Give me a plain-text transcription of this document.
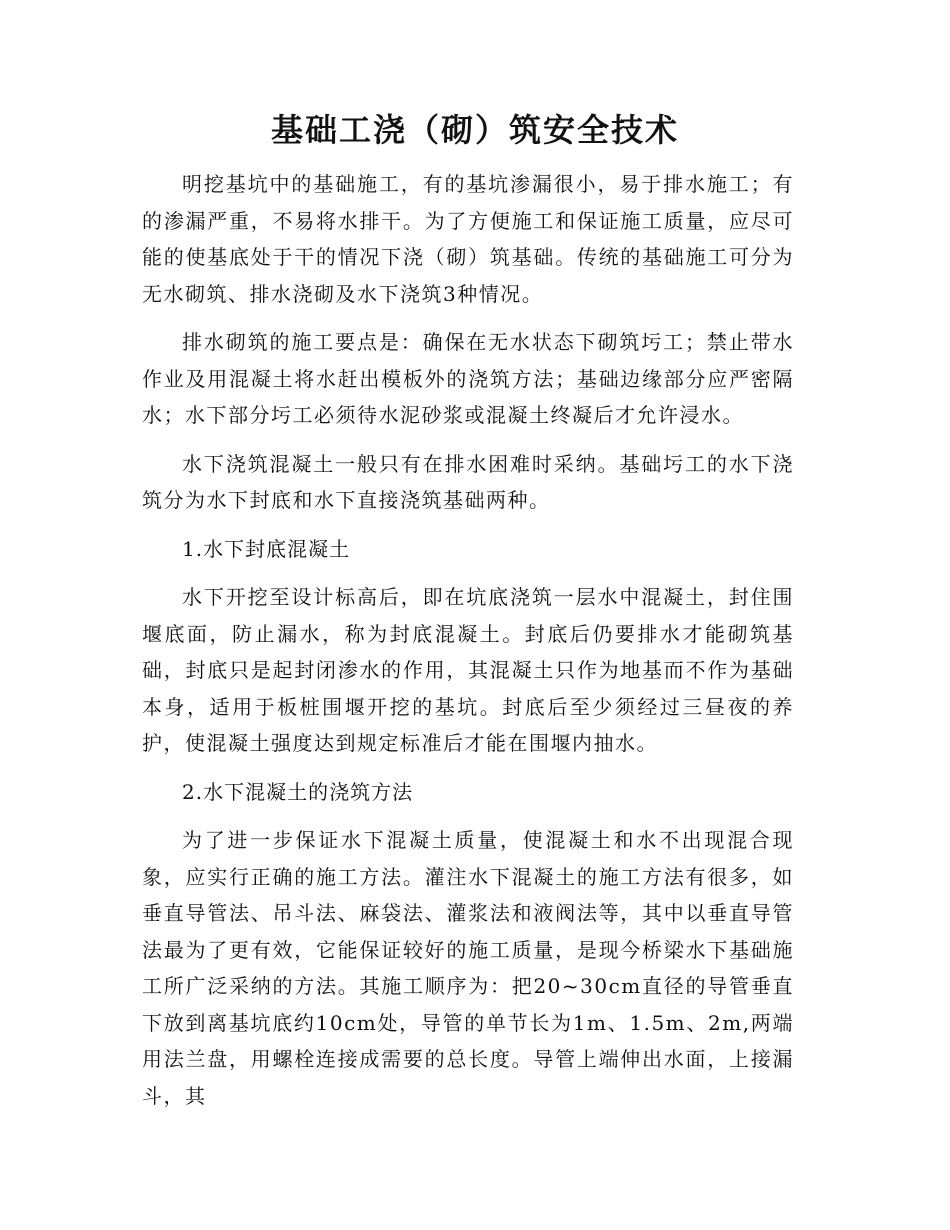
基础工浇（砌）筑安全技术

明挖基坑中的基础施工，有的基坑渗漏很小，易于排水施工；有的渗漏严重，不易将水排干。为了方便施工和保证施工质量，应尽可能的使基底处于干的情况下浇（砌）筑基础。传统的基础施工可分为无水砌筑、排水浇砌及水下浇筑3种情况。

排水砌筑的施工要点是：确保在无水状态下砌筑圬工；禁止带水作业及用混凝土将水赶出模板外的浇筑方法；基础边缘部分应严密隔水；水下部分圬工必须待水泥砂浆或混凝土终凝后才允许浸水。

水下浇筑混凝土一般只有在排水困难时采纳。基础圬工的水下浇筑分为水下封底和水下直接浇筑基础两种。

1.水下封底混凝土

水下开挖至设计标高后，即在坑底浇筑一层水中混凝土，封住围堰底面，防止漏水，称为封底混凝土。封底后仍要排水才能砌筑基础，封底只是起封闭渗水的作用，其混凝土只作为地基而不作为基础本身，适用于板桩围堰开挖的基坑。封底后至少须经过三昼夜的养护，使混凝土强度达到规定标准后才能在围堰内抽水。

2.水下混凝土的浇筑方法

为了进一步保证水下混凝土质量，使混凝土和水不出现混合现象，应实行正确的施工方法。灌注水下混凝土的施工方法有很多，如垂直导管法、吊斗法、麻袋法、灌浆法和液阀法等，其中以垂直导管法最为了更有效，它能保证较好的施工质量，是现今桥梁水下基础施工所广泛采纳的方法。其施工顺序为：把20~30cm直径的导管垂直下放到离基坑底约10cm处，导管的单节长为1m、1.5m、2m,两端用法兰盘，用螺栓连接成需要的总长度。导管上端伸出水面，上接漏斗，其
